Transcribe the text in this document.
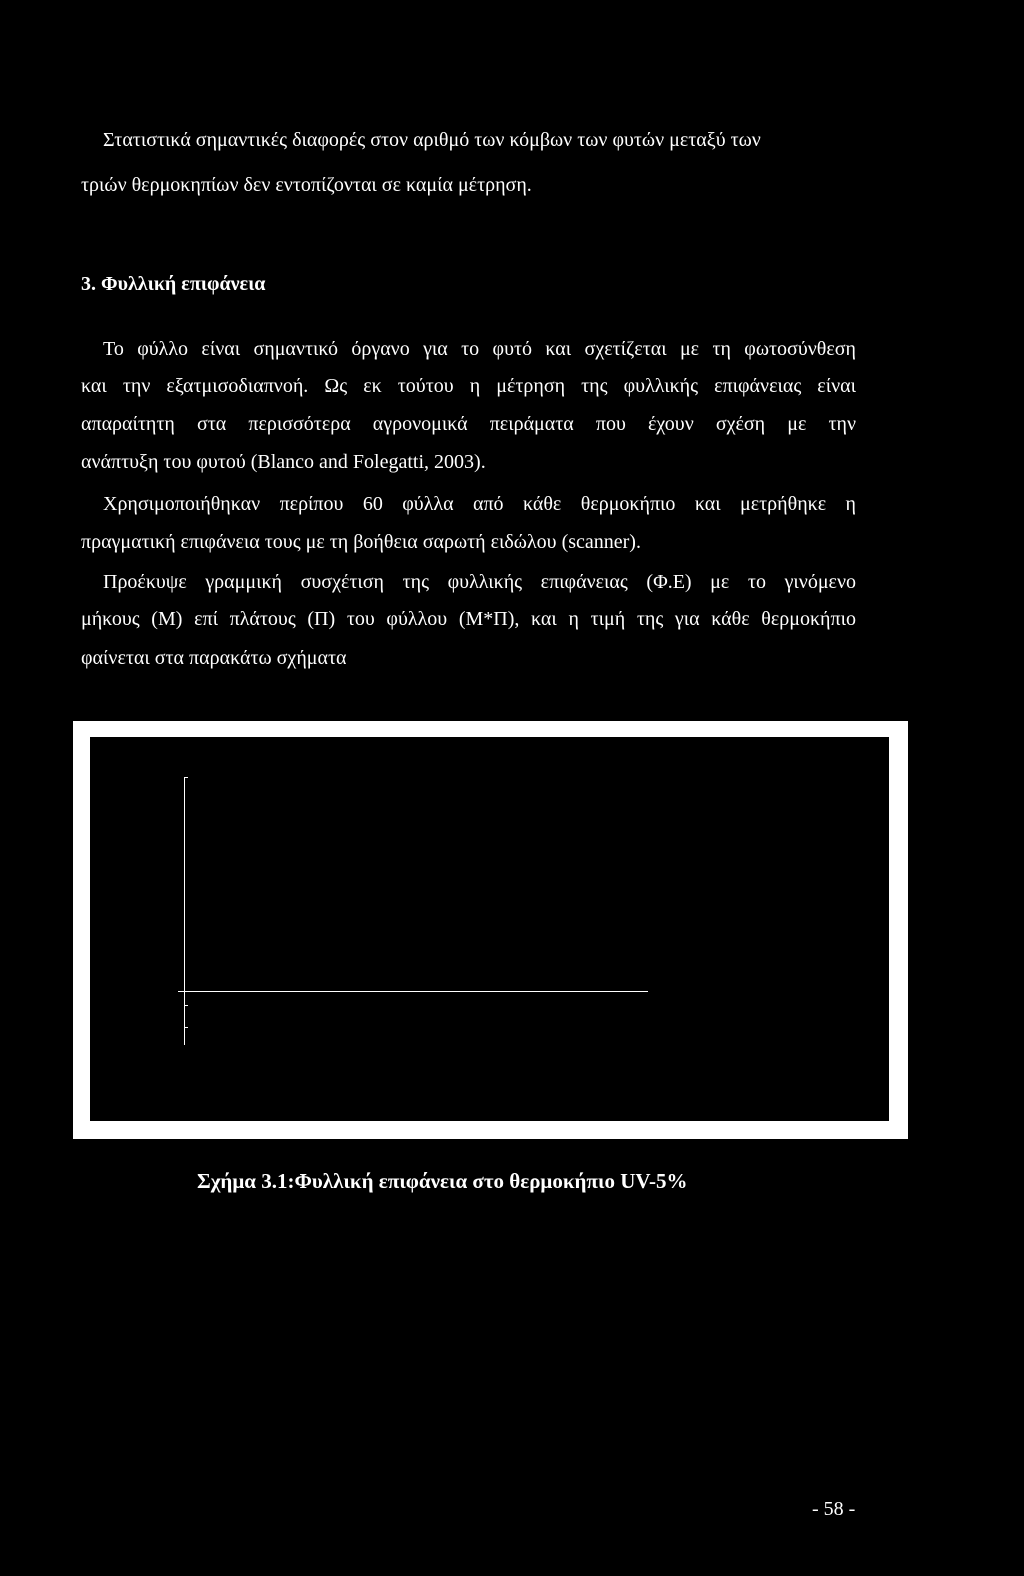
Στατιστικά σημαντικές διαφορές στον αριθμό των κόμβων των φυτών μεταξύ των
τριών θερμοκηπίων δεν εντοπίζονται σε καμία μέτρηση.
3. Φυλλική επιφάνεια
Το φύλλο είναι σημαντικό όργανο για το φυτό και σχετίζεται με τη φωτοσύνθεση
και την εξατμισοδιαπνοή. Ως εκ τούτου η μέτρηση της φυλλικής επιφάνειας είναι
απαραίτητη στα περισσότερα αγρονομικά πειράματα που έχουν σχέση με την
ανάπτυξη του φυτού (Blanco and Folegatti, 2003).
Χρησιμοποιήθηκαν περίπου 60 φύλλα από κάθε θερμοκήπιο και μετρήθηκε η
πραγματική επιφάνεια τους με τη βοήθεια σαρωτή ειδώλου (scanner).
Προέκυψε γραμμική συσχέτιση της φυλλικής επιφάνειας (Φ.Ε) με το γινόμενο
μήκους (Μ) επί πλάτους (Π) του φύλλου (Μ*Π), και η τιμή της για κάθε θερμοκήπιο
φαίνεται στα παρακάτω σχήματα
Σχήμα 3.1:Φυλλική επιφάνεια στο θερμοκήπιο UV-5%
- 58 -
